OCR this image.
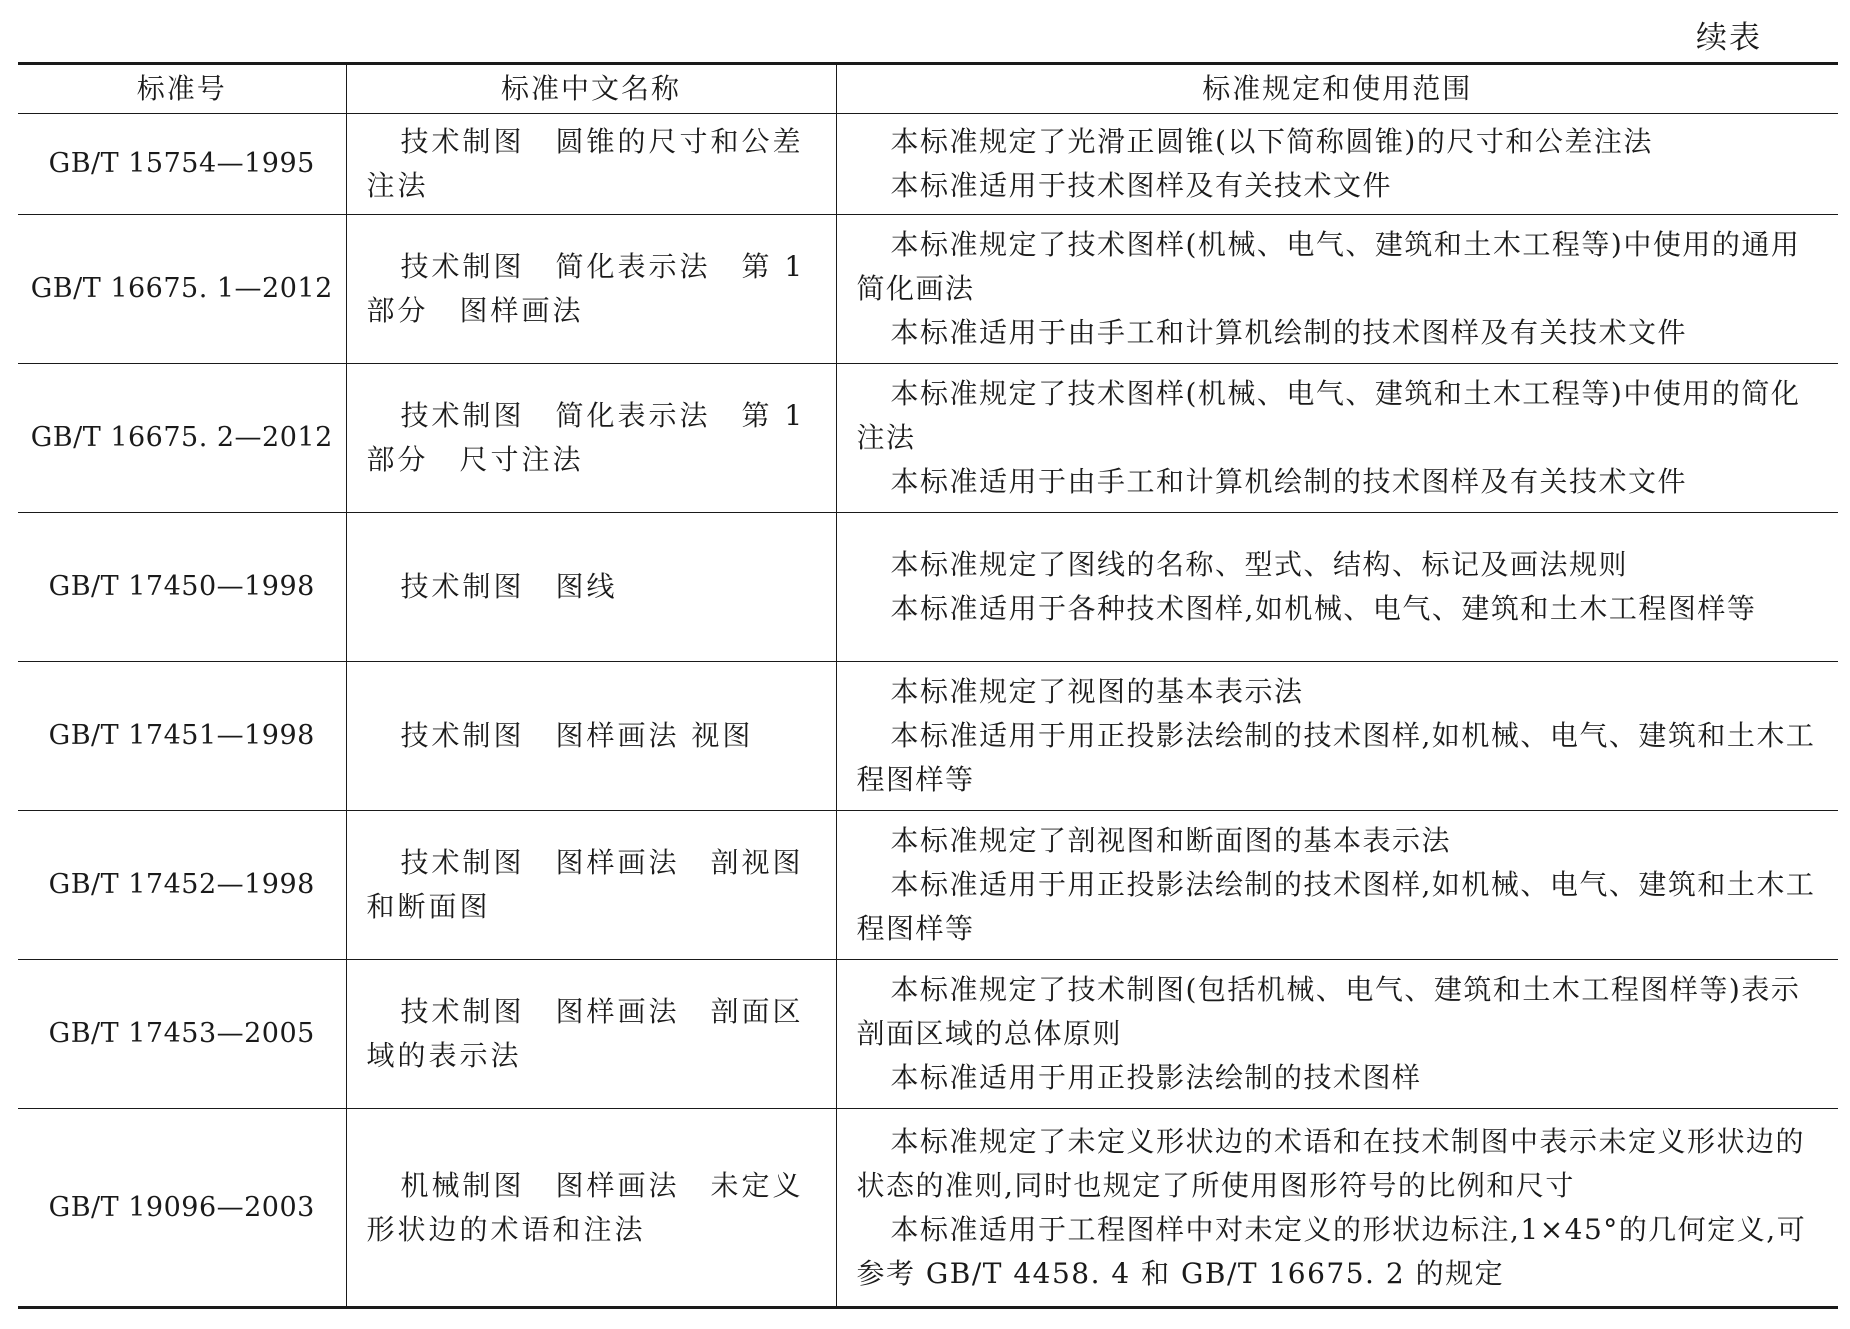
续表
标准号	标准中文名称	标准规定和使用范围
GB/T 15754—1995	技术制图　圆锥的尺寸和公差注法	本标准规定了光滑正圆锥(以下简称圆锥)的尺寸和公差注法
本标准适用于技术图样及有关技术文件

GB/T 16675. 1—2012	技术制图　简化表示法　第 1 部分　图样画法	本标准规定了技术图样(机械、电气、建筑和土木工程等)中使用的通用简化画法
本标准适用于由手工和计算机绘制的技术图样及有关技术文件

GB/T 16675. 2—2012	技术制图　简化表示法　第 1 部分　尺寸注法	本标准规定了技术图样(机械、电气、建筑和土木工程等)中使用的简化注法
本标准适用于由手工和计算机绘制的技术图样及有关技术文件

GB/T 17450—1998	技术制图　图线	本标准规定了图线的名称、型式、结构、标记及画法规则
本标准适用于各种技术图样,如机械、电气、建筑和土木工程图样等

GB/T 17451—1998	技术制图　图样画法 视图	本标准规定了视图的基本表示法
本标准适用于用正投影法绘制的技术图样,如机械、电气、建筑和土木工程图样等

GB/T 17452—1998	技术制图　图样画法　剖视图和断面图	本标准规定了剖视图和断面图的基本表示法
本标准适用于用正投影法绘制的技术图样,如机械、电气、建筑和土木工程图样等

GB/T 17453—2005	技术制图　图样画法　剖面区域的表示法	本标准规定了技术制图(包括机械、电气、建筑和土木工程图样等)表示剖面区域的总体原则
本标准适用于用正投影法绘制的技术图样

GB/T 19096—2003	机械制图　图样画法　未定义形状边的术语和注法	本标准规定了未定义形状边的术语和在技术制图中表示未定义形状边的状态的准则,同时也规定了所使用图形符号的比例和尺寸
本标准适用于工程图样中对未定义的形状边标注,1×45°的几何定义,可参考 GB/T 4458. 4 和 GB/T 16675. 2 的规定
